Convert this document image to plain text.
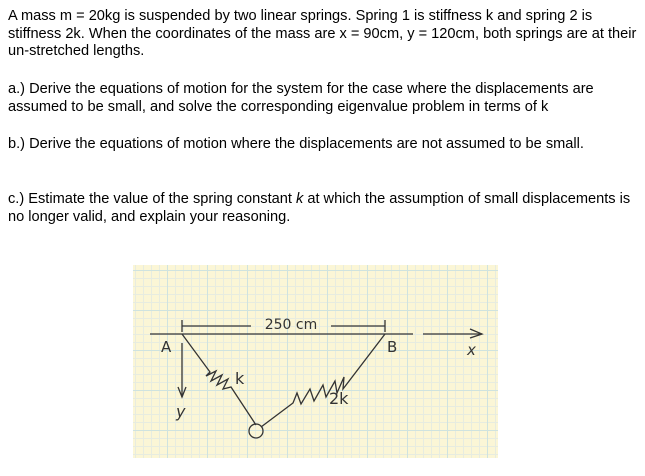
A mass m = 20kg is suspended by two linear springs. Spring 1 is stiffness k and spring 2 is stiffness 2k. When the coordinates of the mass are x = 90cm, y = 120cm, both springs are at their un-stretched lengths.

a.) Derive the equations of motion for the system for the case where the displacements are assumed to be small, and solve the corresponding eigenvalue problem in terms of k

b.) Derive the equations of motion where the displacements are not assumed to be small.

c.) Estimate the value of the spring constant k at which the assumption of small displacements is no longer valid, and explain your reasoning.

250 cm
A	B	x
y
k
2k
